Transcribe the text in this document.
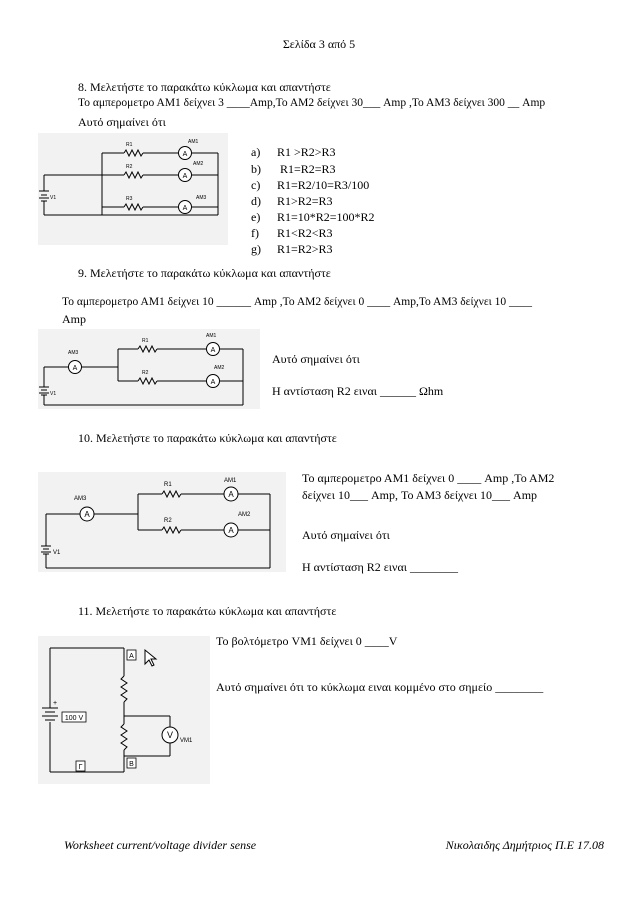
Σελίδα 3 από 5
8. Μελετήστε το παρακάτω κύκλωμα και απαντήστε
Το αμπερομετρο ΑΜ1 δείχνει 3 ____Αmp,Το ΑΜ2 δείχνει 30___ Amp ,Το ΑΜ3 δείχνει 300 __ Amp
Αυτό σημαίνει ότι
A
A
A
R1
R2
R3
AM1
AM2
AM3
V1
a) R1 >R2>R3
b) R1=R2=R3
c) R1=R2/10=R3/100
d) R1>R2=R3
e) R1=10*R2=100*R2
f) R1<R2<R3
g) R1=R2>R3
9. Μελετήστε το παρακάτω κύκλωμα και απαντήστε
Το αμπερομετρο ΑΜ1 δείχνει 10 ______ Amp ,Το ΑΜ2 δείχνει 0 ____ Amp,Το ΑΜ3 δείχνει 10 ____
Amp
A
A
A
R1
R2
AM3
AM1
AM2
V1
Αυτό σημαίνει ότι
Η αντίσταση R2 ειναι ______ Ωhm
10. Μελετήστε το παρακάτω κύκλωμα και απαντήστε
A
A
A
R1
R2
AM3
AM1
AM2
V1
Το αμπερομετρο ΑΜ1 δείχνει 0 ____ Amp ,Το ΑΜ2
δείχνει 10___ Amp, Το ΑΜ3 δείχνει 10___ Amp
Αυτό σημαίνει ότι
Η αντίσταση R2 ειναι ________
11. Μελετήστε το παρακάτω κύκλωμα και απαντήστε
Το βολτόμετρο VM1 δείχνει 0 ____V
Αυτό σημαίνει ότι το κύκλωμα ειναι κομμένο στο σημείο ________
V
A
B
Γ
100 V
VM1
+
Worksheet current/voltage divider sense	Νικολαιδης Δημήτριος Π.Ε 17.08
